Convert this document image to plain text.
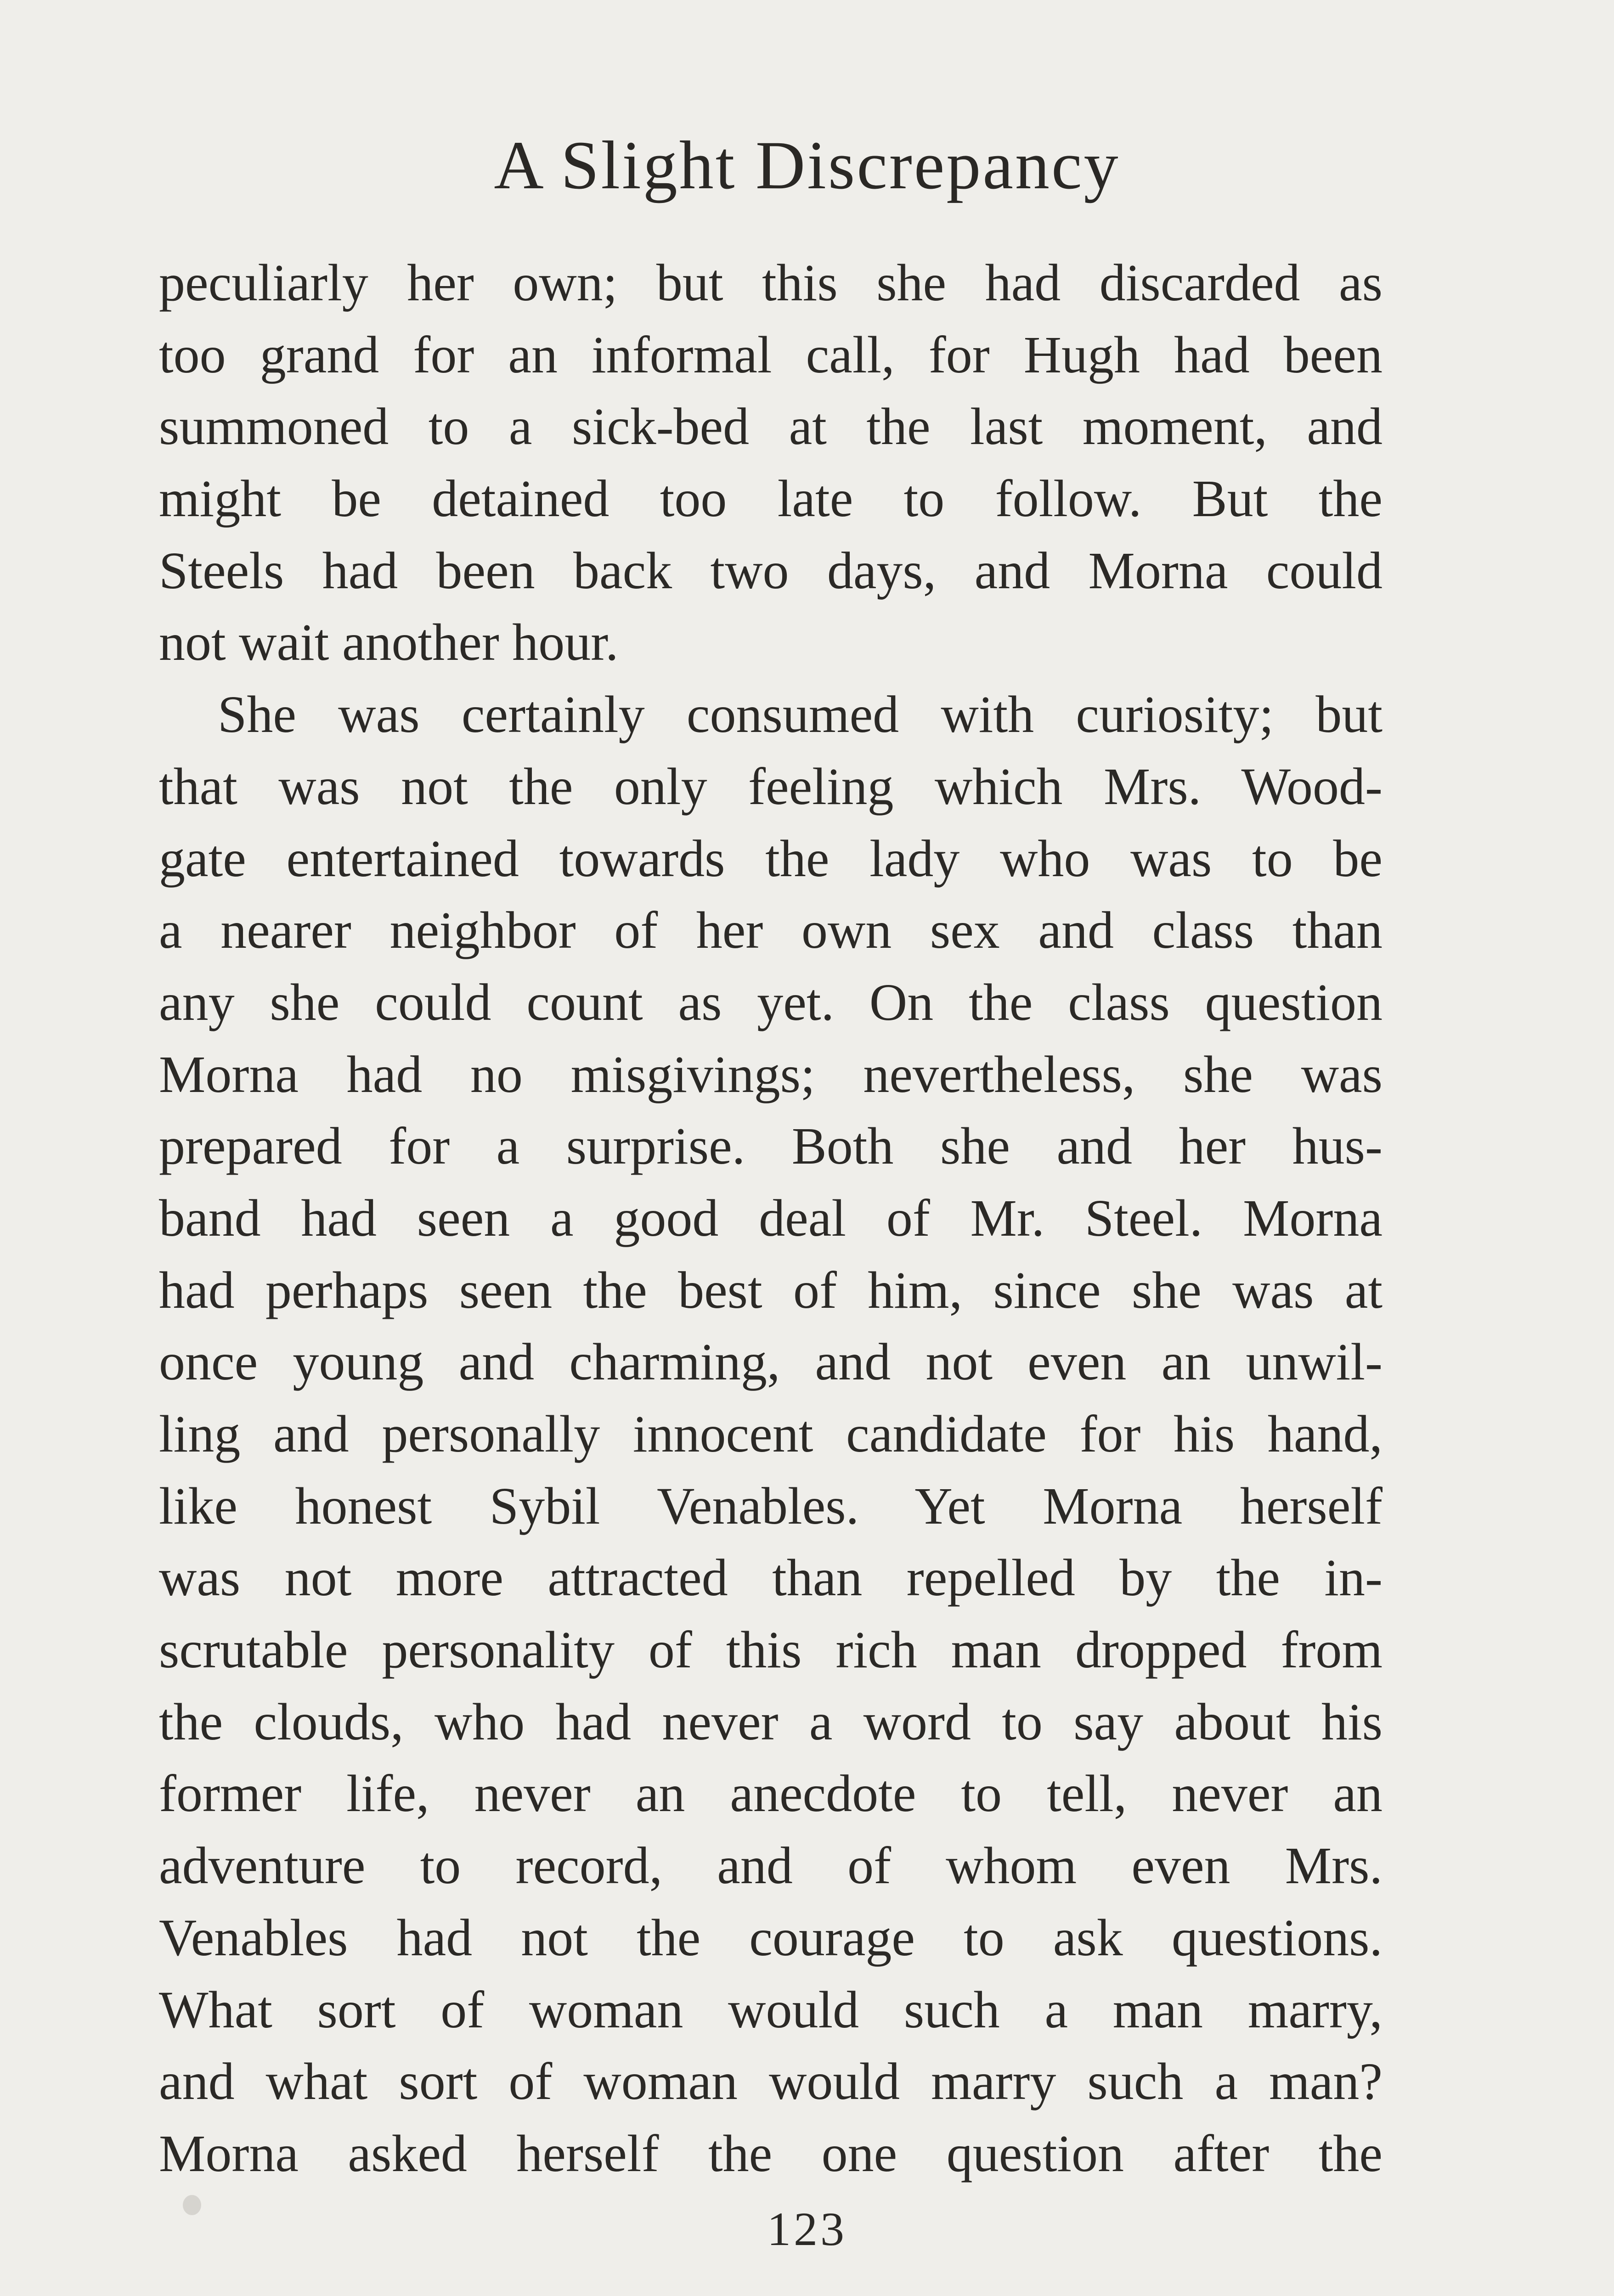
A Slight Discrepancy
peculiarly her own; but this she had discarded as
too grand for an informal call, for Hugh had been
summoned to a sick-bed at the last moment, and
might be detained too late to follow. But the
Steels had been back two days, and Morna could
not wait another hour.
She was certainly consumed with curiosity; but
that was not the only feeling which Mrs. Wood-
gate entertained towards the lady who was to be
a nearer neighbor of her own sex and class than
any she could count as yet. On the class question
Morna had no misgivings; nevertheless, she was
prepared for a surprise. Both she and her hus-
band had seen a good deal of Mr. Steel. Morna
had perhaps seen the best of him, since she was at
once young and charming, and not even an unwil-
ling and personally innocent candidate for his hand,
like honest Sybil Venables. Yet Morna herself
was not more attracted than repelled by the in-
scrutable personality of this rich man dropped from
the clouds, who had never a word to say about his
former life, never an anecdote to tell, never an
adventure to record, and of whom even Mrs.
Venables had not the courage to ask questions.
What sort of woman would such a man marry,
and what sort of woman would marry such a man?
Morna asked herself the one question after the
123
